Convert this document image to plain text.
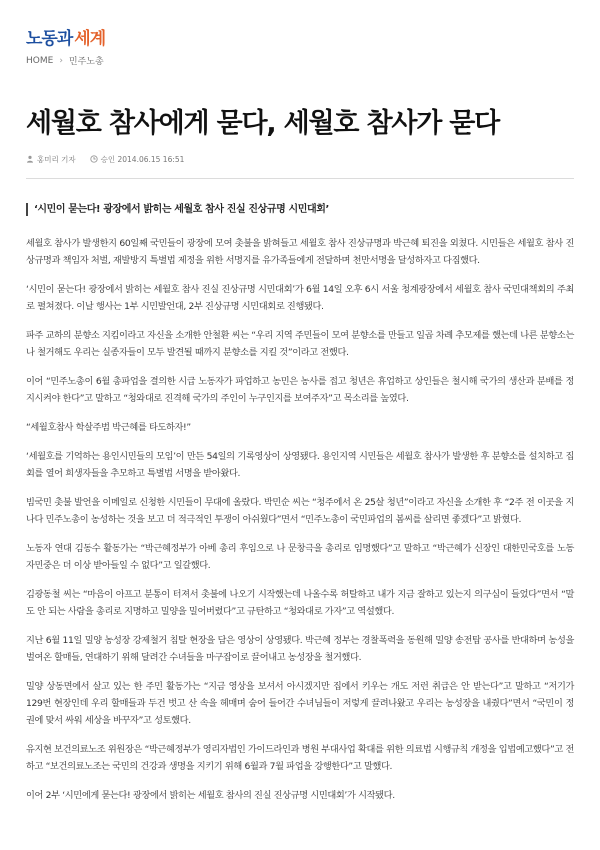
노동과 세계
HOME › 민주노총
세월호 참사에게 묻다, 세월호 참사가 묻다
홍미리 기자	승인 2014.06.15 16:51
‘시민이 묻는다! 광장에서 밝히는 세월호 참사 진실 진상규명 시민대회’

세월호 참사가 발생한지 60일째 국민들이 광장에 모여 촛불을 밝혀들고 세월호 참사 진상규명과 박근혜 퇴진을 외쳤다. 시민들은 세월호 참사 진상규명과 책임자 처벌, 재발방지 특별법 제정을 위한 서명지를 유가족들에게 전달하며 천만서명을 달성하자고 다짐했다.

‘시민이 묻는다! 광장에서 밝히는 세월호 참사 진실 진상규명 시민대회’가 6월 14일 오후 6시 서울 청계광장에서 세월호 참사 국민대책회의 주최로 펼쳐졌다. 이날 행사는 1부 시민발언대, 2부 진상규명 시민대회로 진행됐다.

파주 교하의 분향소 지킴이라고 자신을 소개한 안철환 씨는 “우리 지역 주민들이 모여 분향소를 만들고 일곱 차례 추모제를 했는데 나른 분향소는 나 철거해도 우리는 실종자들이 모두 발견될 때까지 분향소를 지킬 것”이라고 전했다.

이어 “민주노총이 6월 총파업을 결의한 시급 노동자가 파업하고 농민은 농사를 접고 청년은 휴업하고 상인들은 철시해 국가의 생산과 분배를 정지시켜야 한다”고 말하고 “청와대로 진격해 국가의 주인이 누구인지를 보여주자”고 목소리를 높였다.

“세월호참사 학살주범 박근혜를 타도하자!”

‘세월호를 기억하는 용인시민들의 모임’이 만든 54일의 기록영상이 상영됐다. 용인지역 시민들은 세월호 참사가 발생한 후 분향소를 설치하고 집회를 열어 희생자들을 추모하고 특별법 서명을 받아왔다.

빔국민 촛불 발언을 이메일로 신청한 시민들이 무대에 올랐다. 박민순 씨는 “청주에서 온 25살 청년”이라고 자신을 소개한 후 “2주 전 이곳을 지나다 민주노총이 농성하는 것을 보고 더 적극적인 투쟁이 아쉬웠다”면서 “민주노총이 국민파업의 봄씨를 살리면 좋겠다”고 밝혔다.

노동자 연대 김동수 활동가는 “박근혜정부가 아베 총리 후임으로 나 문창극을 총리로 임명했다”고 말하고 “박근혜가 신장인 대한민국호를 노동자민중은 더 이상 받아들일 수 없다”고 일갈했다.

김광동철 씨는 “마음이 아프고 분통이 터져서 촛불에 나오기 시작했는데 나올수록 허탈하고 내가 지금 잘하고 있는지 의구심이 들었다”면서 “말도 안 되는 사람을 총리로 지명하고 밀양을 밀어버렸다”고 규탄하고 “청와대로 가자”고 역설했다.

지난 6월 11일 밀양 농성장 강제철거 침탈 현장을 담은 영상이 상영됐다. 박근혜 정부는 경찰폭력을 동원해 밀양 송전탑 공사를 반대하며 농성을 벌여온 할매들, 연대하기 위해 달려간 수녀들을 마구잡이로 끌어내고 농성장을 철거했다.

밀양 상동면에서 살고 있는 한 주민 활동가는 “지금 영상을 보셔서 아시겠지만 집에서 키우는 개도 저런 취급은 안 받는다”고 말하고 “저기가 129번 현장인데 우리 할매들과 두건 벗고 산 속을 헤매며 숨어 들어간 수녀님들이 저렇게 끌려나왔고 우리는 농성장을 내줬다”면서 “국민이 정권에 맞서 싸워 세상을 바꾸자”고 성토했다.

유지현 보건의료노조 위원장은 “박근혜정부가 영리자법인 가이드라인과 병원 부대사업 확대를 위한 의료법 시행규칙 개정을 입법예고했다”고 전하고 “보건의료노조는 국민의 건강과 생명을 지키기 위해 6월과 7월 파업을 강행한다”고 말했다.

이어 2부 ‘시민에게 묻는다! 광장에서 밝히는 세월호 참사의 진실 진상규명 시민대회’가 시작됐다.
